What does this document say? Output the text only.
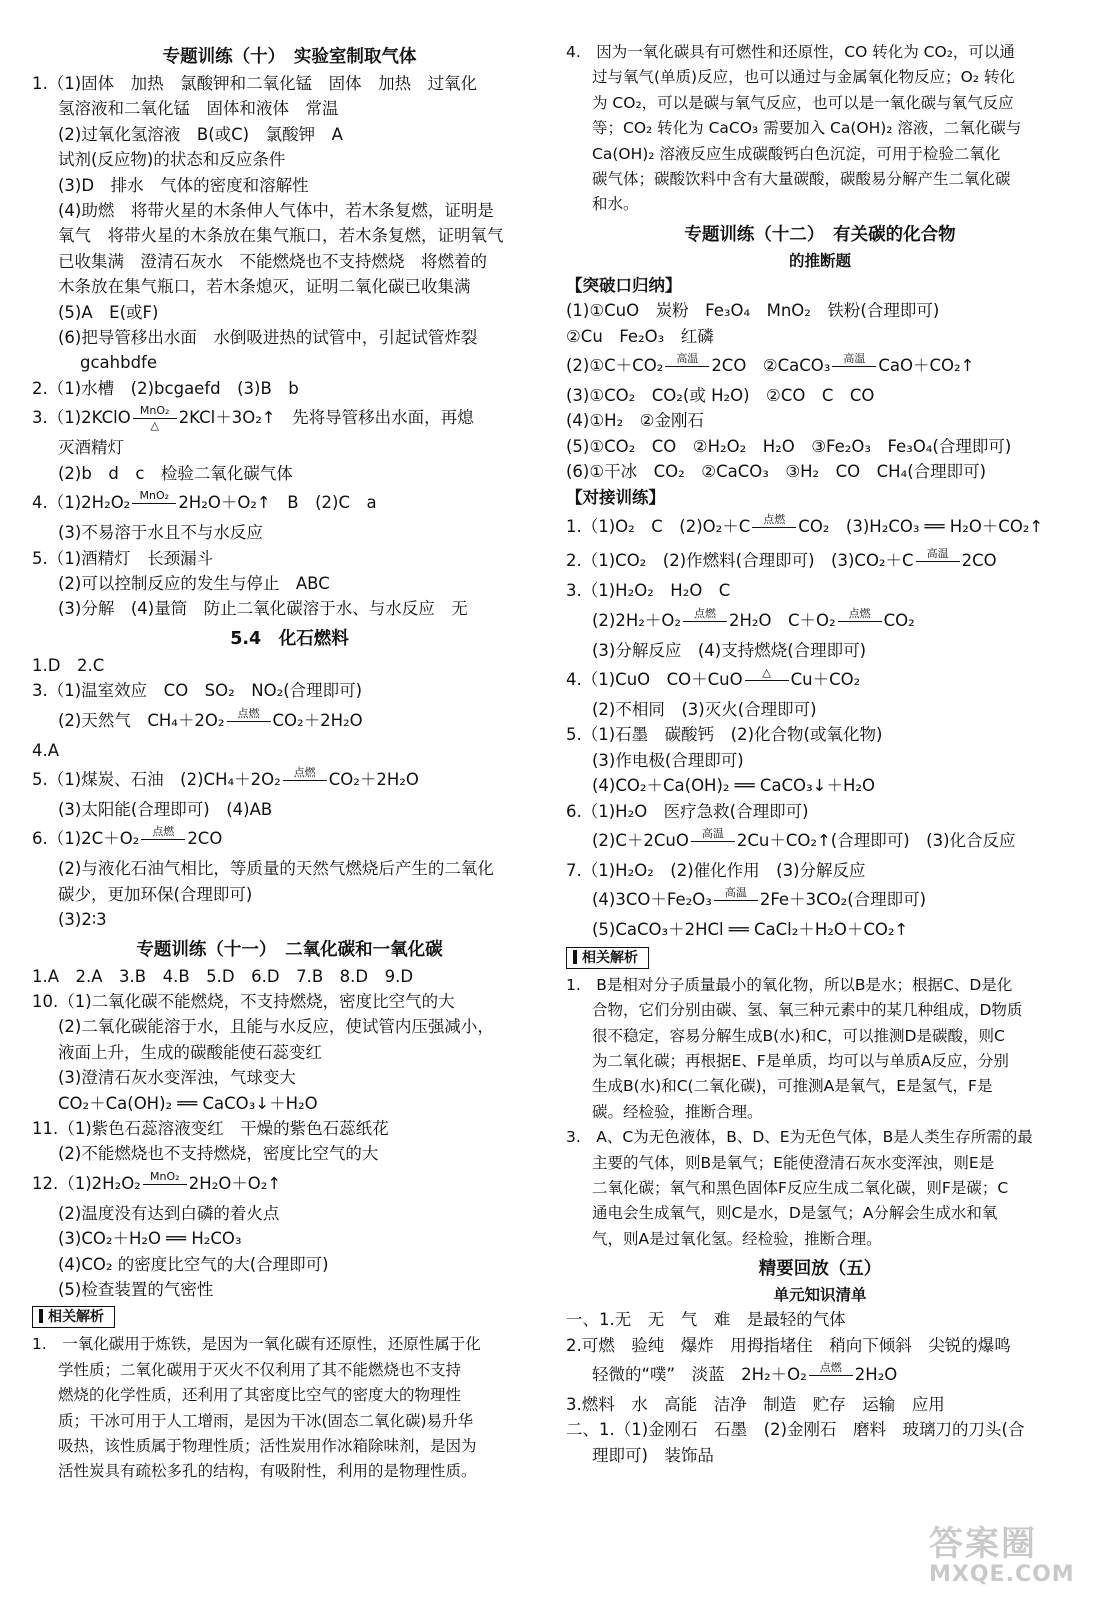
专题训练（十）　实验室制取气体
1.（1)固体　加热　氯酸钾和二氧化锰　固体　加热　过氧化
氢溶液和二氧化锰　固体和液体　常温
(2)过氧化氢溶液　B(或C)　氯酸钾　A
试剂(反应物)的状态和反应条件
(3)D　排水　气体的密度和溶解性
(4)助燃　将带火星的木条伸人气体中，若木条复燃，证明是
氧气　将带火星的木条放在集气瓶口，若木条复燃，证明氧气
已收集满　澄清石灰水　不能燃烧也不支持燃烧　将燃着的
木条放在集气瓶口，若木条熄灭，证明二氧化碳已收集满
(5)A　E(或F)
(6)把导管移出水面　水倒吸进热的试管中，引起试管炸裂
gcahbdfe
2.（1)水槽　(2)bcgaefd　(3)B　b
3.（1)2KClO MnO₂
△	2KCl＋3O₂↑　先将导管移出水面，再熄
灭酒精灯
(2)b　d　c　检验二氧化碳气体
4.（1)2H₂O₂ MnO₂ 2H₂O＋O₂↑　B　(2)C　a
(3)不易溶于水且不与水反应
5.（1)酒精灯　长颈漏斗
(2)可以控制反应的发生与停止　ABC
(3)分解　(4)量筒　防止二氧化碳溶于水、与水反应　无
5.4　化石燃料
1.D　2.C
3.（1)温室效应　CO　SO₂　NO₂(合理即可)
(2)天然气　CH₄＋2O₂	点燃 CO₂＋2H₂O
4.A
5.（1)煤炭、石油　(2)CH₄＋2O₂	点燃 CO₂＋2H₂O
(3)太阳能(合理即可)　(4)AB
6.（1)2C＋O₂	点燃 2CO
(2)与液化石油气相比，等质量的天然气燃烧后产生的二氧化
碳少，更加环保(合理即可)
(3)2∶3
专题训练（十一）　二氧化碳和一氧化碳
1.A　2.A　3.B　4.B　5.D　6.D　7.B　8.D　9.D
10.（1)二氧化碳不能燃烧，不支持燃烧，密度比空气的大
(2)二氧化碳能溶于水，且能与水反应，使试管内压强减小，
液面上升，生成的碳酸能使石蕊变红
(3)澄清石灰水变浑浊，气球变大
CO₂＋Ca(OH)₂ ══ CaCO₃↓＋H₂O
11.（1)紫色石蕊溶液变红　干燥的紫色石蕊纸花
(2)不能燃烧也不支持燃烧，密度比空气的大
12.（1)2H₂O₂ MnO₂ 2H₂O＋O₂↑
(2)温度没有达到白磷的着火点
(3)CO₂＋H₂O ══ H₂CO₃
(4)CO₂ 的密度比空气的大(合理即可)
(5)检查装置的气密性
相关解析
1.　一氧化碳用于炼铁，是因为一氧化碳有还原性，还原性属于化
学性质；二氧化碳用于灭火不仅利用了其不能燃烧也不支持
燃烧的化学性质，还利用了其密度比空气的密度大的物理性
质；干冰可用于人工增雨，是因为干冰(固态二氧化碳)易升华
吸热，该性质属于物理性质；活性炭用作冰箱除味剂，是因为
活性炭具有疏松多孔的结构，有吸附性，利用的是物理性质。
4.　因为一氧化碳具有可燃性和还原性，CO 转化为 CO₂，可以通
过与氧气(单质)反应，也可以通过与金属氧化物反应；O₂ 转化
为 CO₂，可以是碳与氧气反应，也可以是一氧化碳与氧气反应
等；CO₂ 转化为 CaCO₃ 需要加入 Ca(OH)₂ 溶液，二氧化碳与
Ca(OH)₂ 溶液反应生成碳酸钙白色沉淀，可用于检验二氧化
碳气体；碳酸饮料中含有大量碳酸，碳酸易分解产生二氧化碳
和水。
专题训练（十二）　有关碳的化合物
的推断题
【突破口归纳】
(1)①CuO　炭粉　Fe₃O₄　MnO₂　铁粉(合理即可)
②Cu　Fe₂O₃　红磷
(2)①C＋CO₂	高温 2CO　②CaCO₃	高温 CaO＋CO₂↑
(3)①CO₂　CO₂(或 H₂O)　②CO　C　CO
(4)①H₂　②金刚石
(5)①CO₂　CO　②H₂O₂　H₂O　③Fe₂O₃　Fe₃O₄(合理即可)
(6)①干冰　CO₂　②CaCO₃　③H₂　CO　CH₄(合理即可)
【对接训练】
1.（1)O₂　C　(2)O₂＋C	点燃 CO₂　(3)H₂CO₃ ══ H₂O＋CO₂↑
2.（1)CO₂　(2)作燃料(合理即可)　(3)CO₂＋C	高温 2CO
3.（1)H₂O₂　H₂O　C
(2)2H₂＋O₂	点燃 2H₂O　C＋O₂	点燃 CO₂
(3)分解反应　(4)支持燃烧(合理即可)
4.（1)CuO　CO＋CuO	△	Cu＋CO₂
(2)不相同　(3)灭火(合理即可)
5.（1)石墨　碳酸钙　(2)化合物(或氧化物)
(3)作电极(合理即可)
(4)CO₂＋Ca(OH)₂ ══ CaCO₃↓＋H₂O
6.（1)H₂O　医疗急救(合理即可)
(2)C＋2CuO	高温 2Cu＋CO₂↑(合理即可)　(3)化合反应
7.（1)H₂O₂　(2)催化作用　(3)分解反应
(4)3CO＋Fe₂O₃	高温 2Fe＋3CO₂(合理即可)
(5)CaCO₃＋2HCl ══ CaCl₂＋H₂O＋CO₂↑
相关解析
1.　B是相对分子质量最小的氧化物，所以B是水；根据C、D是化
合物，它们分别由碳、氢、氧三种元素中的某几种组成，D物质
很不稳定，容易分解生成B(水)和C，可以推测D是碳酸，则C
为二氧化碳；再根据E、F是单质，均可以与单质A反应，分别
生成B(水)和C(二氧化碳)，可推测A是氧气，E是氢气，F是
碳。经检验，推断合理。
3.　A、C为无色液体，B、D、E为无色气体，B是人类生存所需的最
主要的气体，则B是氧气；E能使澄清石灰水变浑浊，则E是
二氧化碳；氧气和黑色固体F反应生成二氧化碳，则F是碳；C
通电会生成氧气，则C是水，D是氢气；A分解会生成水和氧
气，则A是过氧化氢。经检验，推断合理。
精要回放（五）
单元知识清单
一、1.无　无　气　难　是最轻的气体
2.可燃　验纯　爆炸　用拇指堵住　稍向下倾斜　尖锐的爆鸣
轻微的“噗”　淡蓝　2H₂＋O₂	点燃 2H₂O
3.燃料　水　高能　洁净　制造　贮存　运输　应用
二、1.（1)金刚石　石墨　(2)金刚石　磨料　玻璃刀的刀头(合
理即可)　装饰品
答案圈
MXQE.COM
